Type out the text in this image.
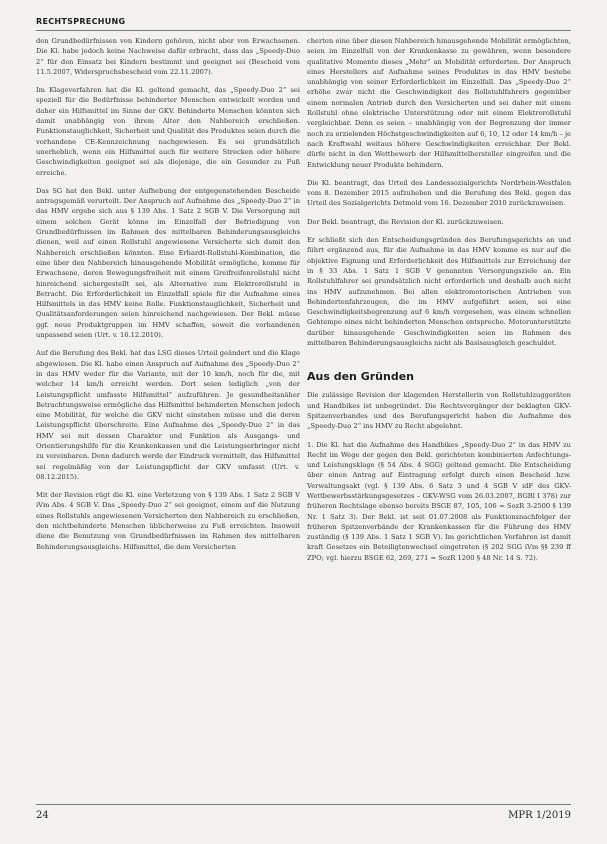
RECHTSPRECHUNG

den Grundbedürfnissen von Kindern gehören, nicht aber von Erwachsenen. Die Kl. habe jedoch keine Nachweise dafür erbracht, dass das „Speedy-Duo 2“ für den Einsatz bei Kindern bestimmt und geeignet sei (Bescheid vom 11.5.2007, Widerspruchsbescheid vom 22.11.2007).

Im Klageverfahren hat die Kl. geltend gemacht, das „Speedy-Duo 2“ sei speziell für die Bedürfnisse behinderter Menschen entwickelt worden und daher ein Hilfsmittel im Sinne der GKV. Behinderte Menschen könnten sich damit unabhängig von ihrem Alter den Nahbereich erschließen. Funktionstauglichkeit, Sicherheit und Qualität des Produktes seien durch die vorhandene CE-Kennzeichnung nachgewiesen. Es sei grundsätzlich unerheblich, wenn ein Hilfsmittel auch für weitere Strecken oder höhere Geschwindigkeiten geeignet sei als diejenige, die ein Gesunder zu Fuß erreiche.

Das SG hat den Bekl. unter Aufhebung der entgegenstehenden Bescheide antragsgemäß verurteilt. Der Anspruch auf Aufnahme des „Speedy-Duo 2“ in das HMV ergebe sich aus § 139 Abs. 1 Satz 2 SGB V. Die Versorgung mit einem solchen Gerät könne im Einzelfall der Befriedigung von Grundbedürfnissen im Rahmen des mittelbaren Behinderungsausgleichs dienen, weil auf einen Rollstuhl angewiesene Versicherte sich damit den Nahbereich erschließen könnten. Eine Erhardt-Rollstuhl-Kombination, die eine über den Nahbereich hinausgehende Mobilität ermögliche, komme für Erwachsene, deren Bewegungsfreiheit mit einem Greifreifenrollstuhl nicht hinreichend sichergestellt sei, als Alternative zum Elektrorollstuhl in Betracht. Die Erforderlichkeit im Einzelfall spiele für die Aufnahme eines Hilfsmittels in das HMV keine Rolle. Funktionstauglichkeit, Sicherheit und Qualitätsanforderungen seien hinreichend nachgewiesen. Der Bekl. müsse ggf. neue Produktgruppen im HMV schaffen, soweit die vorhandenen unpassend seien (Urt. v. 16.12.2010).

Auf die Berufung des Bekl. hat das LSG dieses Urteil geändert und die Klage abgewiesen. Die Kl. habe einen Anspruch auf Aufnahme des „Speedy-Duo 2“ in das HMV weder für die Variante, mit der 10 km/h, noch für die, mit welcher 14 km/h erreicht werden. Dort seien lediglich „von der Leistungspflicht umfasste Hilfsmittel“ aufzuführen. Je gesundheitsnäher Betrachtungsweise ermögliche das Hilfsmittel behinderten Menschen jedoch eine Mobilität, für welche die GKV nicht einstehen müsse und die deren Leistungspflicht überschreite. Eine Aufnahme des „Speedy-Duo 2“ in das HMV sei mit dessen Charakter und Funktion als Ausgangs- und Orientierungshilfe für die Krankenkassen und die Leistungserbringer nicht zu vereinbaren. Denn dadurch werde der Eindruck vermittelt, das Hilfsmittel sei regelmäßig von der Leistungspflicht der GKV umfasst (Urt. v. 08.12.2015).

Mit der Revision rügt die Kl. eine Verletzung von § 139 Abs. 1 Satz 2 SGB V iVm Abs. 4 SGB V. Das „Speedy-Duo 2“ sei geeignet, einem auf die Nutzung eines Rollstuhls angewiesenen Versicherten den Nahbereich zu erschließen, den nichtbehinderte Menschen üblicherweise zu Fuß erreichten. Insoweit diene die Benutzung von Grundbedürfnissen im Rahmen des mittelbaren Behinderungsausgleichs. Hilfsmittel, die dem Versicherten

cherten eine über diesen Nahbereich hinausgehende Mobilität ermöglichten, seien im Einzelfall von der Krankenkasse zu gewähren, wenn besondere qualitative Momente dieses „Mehr“ an Mobilität erforderten. Der Anspruch eines Herstellers auf Aufnahme seines Produktes in das HMV bestehe unabhängig von seiner Erforderlichkeit im Einzelfall. Das „Speedy-Duo 2“ erhöhe zwar nicht die Geschwindigkeit des Rollstuhlfahrers gegenüber einem normalen Antrieb durch den Versicherten und sei daher mit einem Rollstuhl ohne elektrische Unterstützung oder mit einem Elektrorollstuhl vergleichbar. Denn es seien – unabhängig von der Begrenzung der immer noch zu erzielenden Höchstgeschwindigkeiten auf 6, 10, 12 oder 14 km/h – je nach Kraftwahl weitaus höhere Geschwindigkeiten erreichbar. Der Bekl. dürfe nicht in den Wettbewerb der Hilfsmittelhersteller eingreifen und die Entwicklung neuer Produkte behindern.

Die Kl. beantragt, das Urteil des Landessozialgerichts Nordrhein-Westfalen vom 8. Dezember 2015 aufzuheben und die Berufung des Bekl. gegen das Urteil des Sozialgerichts Detmold vom 16. Dezember 2010 zurückzuweisen.

Der Bekl. beantragt, die Revision der Kl. zurückzuweisen.

Er schließt sich den Entscheidungsgründen des Berufungsgerichts an und führt ergänzend aus, für die Aufnahme in das HMV komme es nur auf die objektive Eignung und Erforderlichkeit des Hilfsmittels zur Erreichung der in § 33 Abs. 1 Satz 1 SGB V genannten Versorgungsziele an. Ein Rollstuhlfahrer sei grundsätzlich nicht erforderlich und deshalb auch nicht ins HMV aufzunehmen. Bei allen elektromotorischen Antrieben von Behindertenfahrzeugen, die im HMV aufgeführt seien, sei eine Geschwindigkeitsbegrenzung auf 6 km/h vorgesehen, was einem schnellen Gehtempo eines nicht behinderten Menschen entspreche. Motorunterstützte darüber hinausgehende Geschwindigkeiten seien im Rahmen des mittelbaren Behinderungsausgleichs nicht als Basisausgleich geschuldet.

Aus den Gründen

Die zulässige Revision der klagenden Herstellerin von Rollstuhlzuggeräten und Handbikes ist unbegründet. Die Rechtsvorgänger der beklagten GKV-Spitzenverbandes und des Berufungsgericht haben die Aufnahme des „Speedy-Duo 2“ ins HMV zu Recht abgelehnt.

1. Die Kl. hat die Aufnahme des Handbikes „Speedy-Duo 2“ in das HMV zu Recht im Wege der gegen den Bekl. gerichteten kombinierten Anfechtungs- und Leistungsklage (§ 54 Abs. 4 SGG) geltend gemacht. Die Entscheidung über einen Antrag auf Eintragung erfolgt durch einen Bescheid bzw. Verwaltungsakt (vgl. § 139 Abs. 6 Satz 3 und 4 SGB V idF des GKV-Wettbewerbsstärkungsgesetzes – GKV-WSG vom 26.03.2007, BGBl I 378) zur früheren Rechtslage ebenso bereits BSGE 87, 105, 106 = SozR 3-2500 § 139 Nr. 1 Satz 3). Der Bekl. ist seit 01.07.2008 als Funktionsnachfolger der früheren Spitzenverbände der Krankenkassen für die Führung des HMV zuständig (§ 139 Abs. 1 Satz 1 SGB V). Im gerichtlichen Verfahren ist damit kraft Gesetzes ein Beteiligtenwechsel eingetreten (§ 202 SGG iVm §§ 239 ff ZPO; vgl. hierzu BSGE 62, 269, 271 = SozR 1200 § 48 Nr. 14 S. 72).

24	MPR 1/2019
